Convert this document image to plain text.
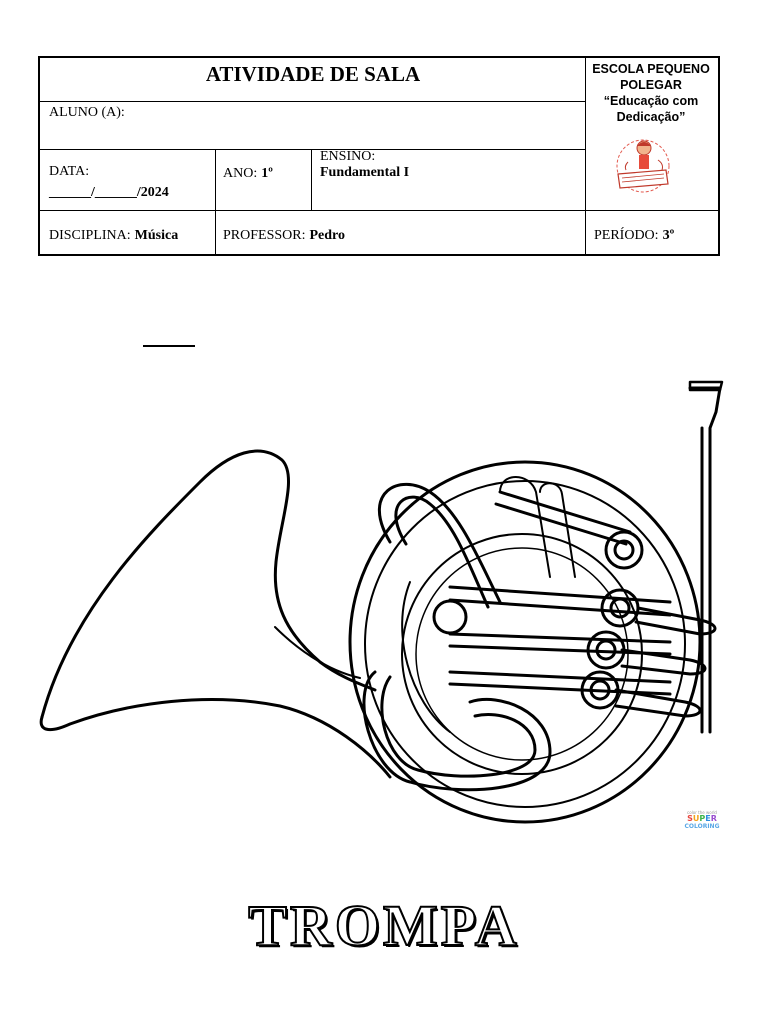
ATIVIDADE DE SALA
ALUNO (A):
DATA:
______/______/2024
ANO: 1º
ENSINO:
Fundamental I
DISCIPLINA: Música	PROFESSOR: Pedro	PERÍODO: 3º
ESCOLA PEQUENO
POLEGAR
“Educação com
Dedicação”
color the world
SUPER
COLORING
TROMPA
